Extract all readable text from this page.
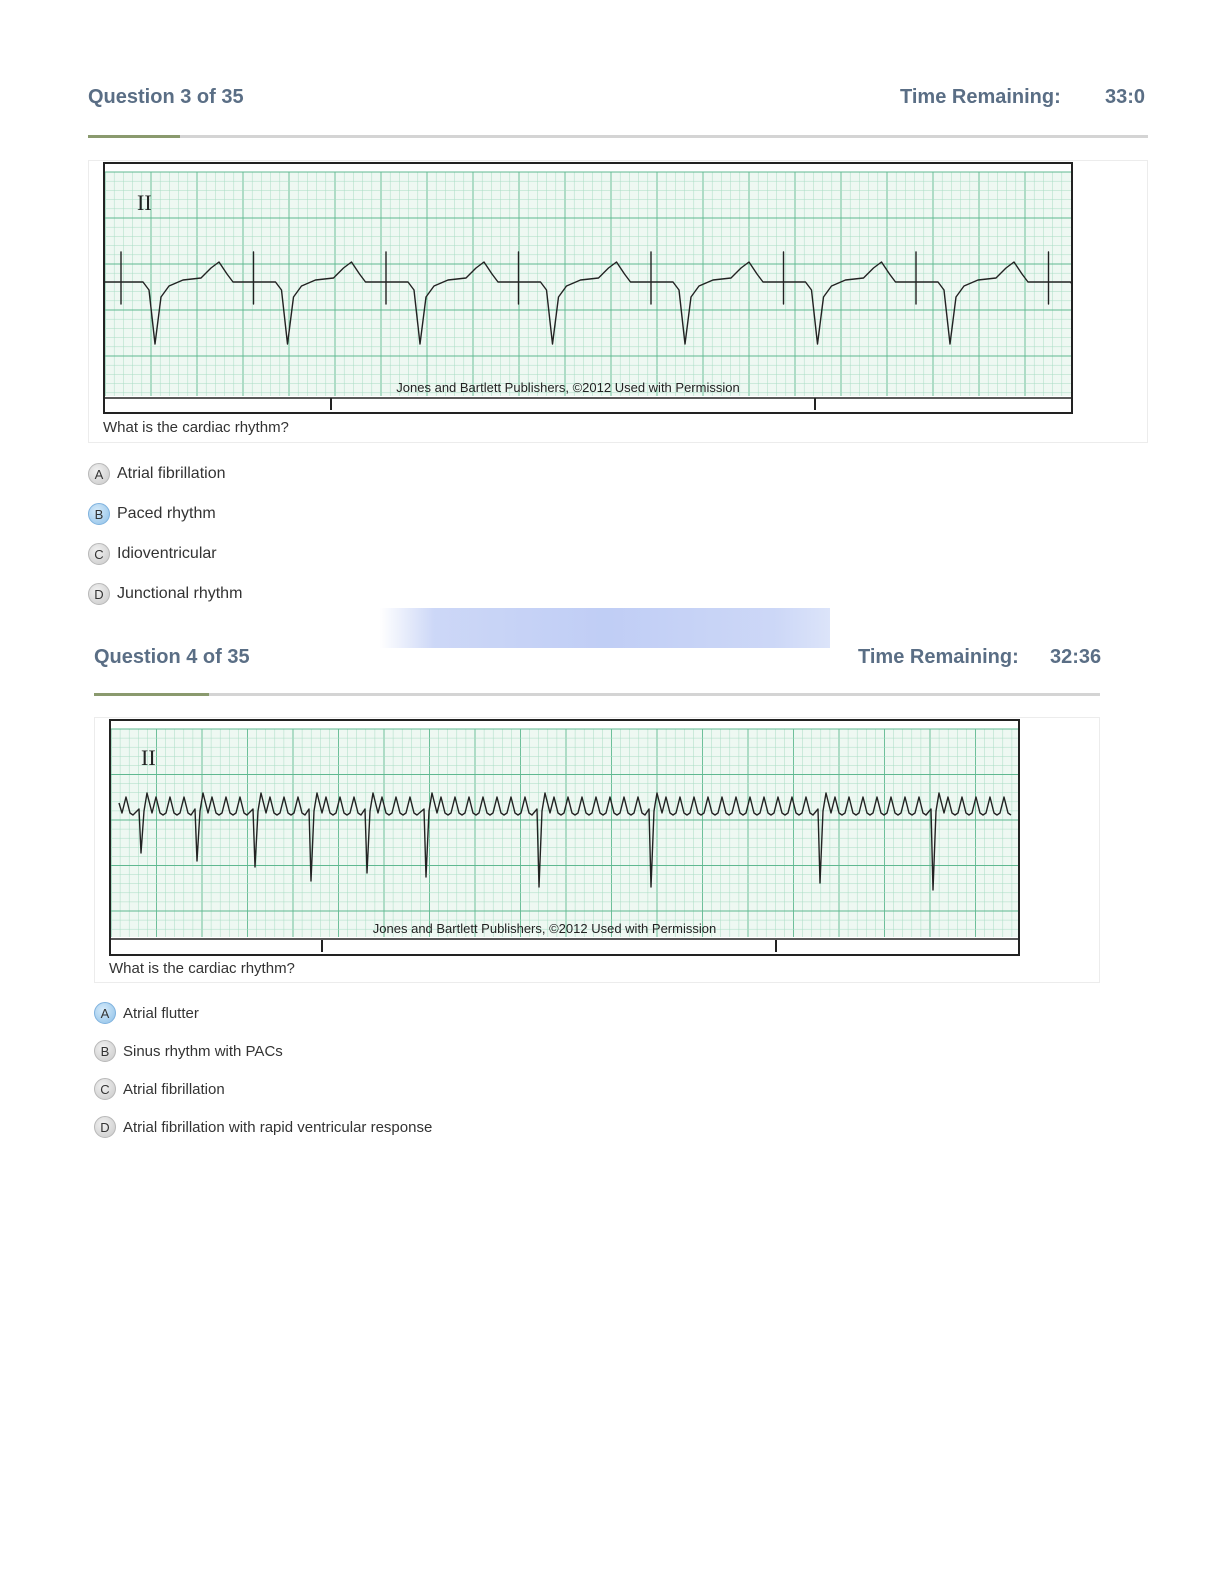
Question 3 of 35	Time Remaining: 33:0
II
Jones and Bartlett Publishers, ©2012 Used with Permission
What is the cardiac rhythm?
A Atrial fibrillation
B Paced rhythm
C Idioventricular
D Junctional rhythm
Question 4 of 35	Time Remaining: 32:36
II
Jones and Bartlett Publishers, ©2012 Used with Permission
What is the cardiac rhythm?
A Atrial flutter
B Sinus rhythm with PACs
C Atrial fibrillation
D Atrial fibrillation with rapid ventricular response
